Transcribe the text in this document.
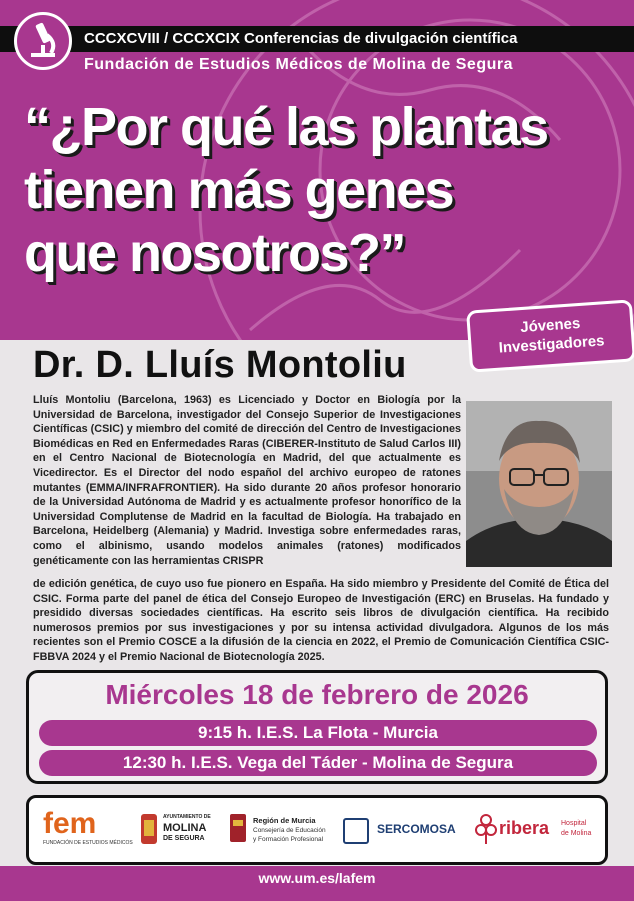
CCCXCVIII / CCCXCIX Conferencias de divulgación científica
Fundación de Estudios Médicos de Molina de Segura
“¿Por qué las plantas
tienen más genes
que nosotros?”
Jóvenes
Investigadores
Dr. D. Lluís Montoliu

Lluís Montoliu (Barcelona, 1963) es Licenciado y Doctor en Biología por la Universidad de Barcelona, investigador del Consejo Superior de Investigaciones Científicas (CSIC) y miembro del comité de dirección del Centro de Investigaciones Biomédicas en Red en Enfermedades Raras (CIBERER-Instituto de Salud Carlos III) en el Centro Nacional de Biotecnología en Madrid, del que actualmente es Vicedirector. Es el Director del nodo español del archivo europeo de ratones mutantes (EMMA/INFRAFRONTIER). Ha sido durante 20 años profesor honorario de la Universidad Autónoma de Madrid y es actualmente profesor honorífico de la Universidad Complutense de Madrid en la facultad de Biología. Ha trabajado en Barcelona, Heidelberg (Alemania) y Madrid. Investiga sobre enfermedades raras, como el albinismo, usando modelos animales (ratones) modificados genéticamente con las herramientas CRISPR

de edición genética, de cuyo uso fue pionero en España. Ha sido miembro y Presidente del Comité de Ética del CSIC. Forma parte del panel de ética del Consejo Europeo de Investigación (ERC) en Bruselas. Ha fundado y presidido diversas sociedades científicas. Ha escrito seis libros de divulgación científica. Ha recibido numerosos premios por sus investigaciones y por su intensa actividad divulgadora. Algunos de los más recientes son el Premio COSCE a la difusión de la ciencia en 2022, el Premio de Comunicación Científica CSIC-FBBVA 2024 y el Premio Nacional de Biotecnología 2025.

Miércoles 18 de febrero de 2026
9:15 h. I.E.S. La Flota - Murcia
12:30 h. I.E.S. Vega del Táder - Molina de Segura
fem
FUNDACIÓN DE ESTUDIOS MÉDICOS
AYUNTAMIENTO DE
MOLINA
DE SEGURA
Región de Murcia
Consejería de Educación
y Formación Profesional
SERCOMOSA ribera Hospital
de Molina
www.um.es/lafem
